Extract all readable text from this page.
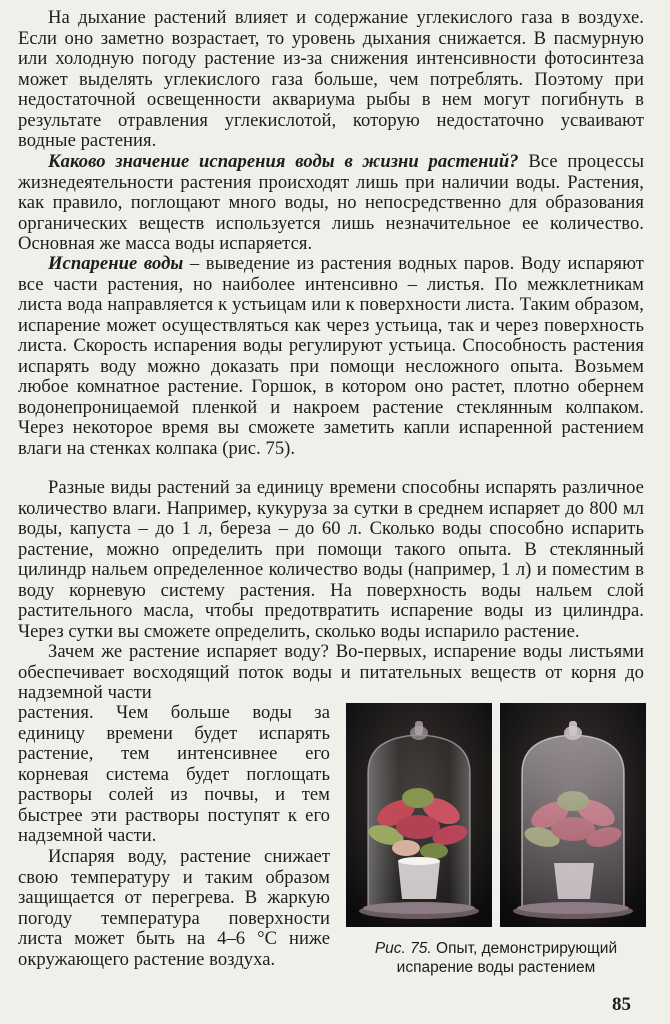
На дыхание растений влияет и содержание углекислого газа в воздухе. Если оно заметно возрастает, то уровень дыхания снижается. В пасмурную или холодную погоду растение из-за снижения интенсивности фотосинтеза может выделять углекислого газа больше, чем потреблять. Поэтому при недостаточной освещенности аквариума рыбы в нем могут погибнуть в результате отравления углекислотой, которую недостаточно усваивают водные растения.

Каково значение испарения воды в жизни растений? Все процессы жизнедеятельности растения происходят лишь при наличии воды. Растения, как правило, поглощают много воды, но непосредственно для образования органических веществ используется лишь незначительное ее количество. Основная же масса воды испаряется.

Испарение воды – выведение из растения водных паров. Воду испаряют все части растения, но наиболее интенсивно – листья. По межклетникам листа вода направляется к устьицам или к поверхности листа. Таким образом, испарение может осуществляться как через устьица, так и через поверхность листа. Скорость испарения воды регулируют устьица. Способность растения испарять воду можно доказать при помощи несложного опыта. Возьмем любое комнатное растение. Горшок, в котором оно растет, плотно обернем водонепроницаемой пленкой и накроем растение стеклянным колпаком. Через некоторое время вы сможете заметить капли испаренной растением влаги на стенках колпака (рис. 75).

Разные виды растений за единицу времени способны испарять различное количество влаги. Например, кукуруза за сутки в среднем испаряет до 800 мл воды, капуста – до 1 л, береза – до 60 л. Сколько воды способно испарить растение, можно определить при помощи такого опыта. В стеклянный цилиндр нальем определенное количество воды (например, 1 л) и поместим в воду корневую систему растения. На поверхность воды нальем слой растительного масла, чтобы предотвратить испарение воды из цилиндра. Через сутки вы сможете определить, сколько воды испарило растение.

Зачем же растение испаряет воду? Во-первых, испарение воды листьями обеспечивает восходящий поток воды и питательных веществ от корня до надземной части

растения. Чем больше воды за единицу времени будет испарять растение, тем интенсивнее его корневая система будет поглощать растворы солей из почвы, и тем быстрее эти растворы поступят к его надземной части.

Испаряя воду, растение снижает свою температуру и таким образом защищается от перегрева. В жаркую погоду температура поверхности листа может быть на 4–6 °С ниже окружающего растение воздуха.	Рис. 75. Опыт, демонстрирующий испарение воды растением
85
